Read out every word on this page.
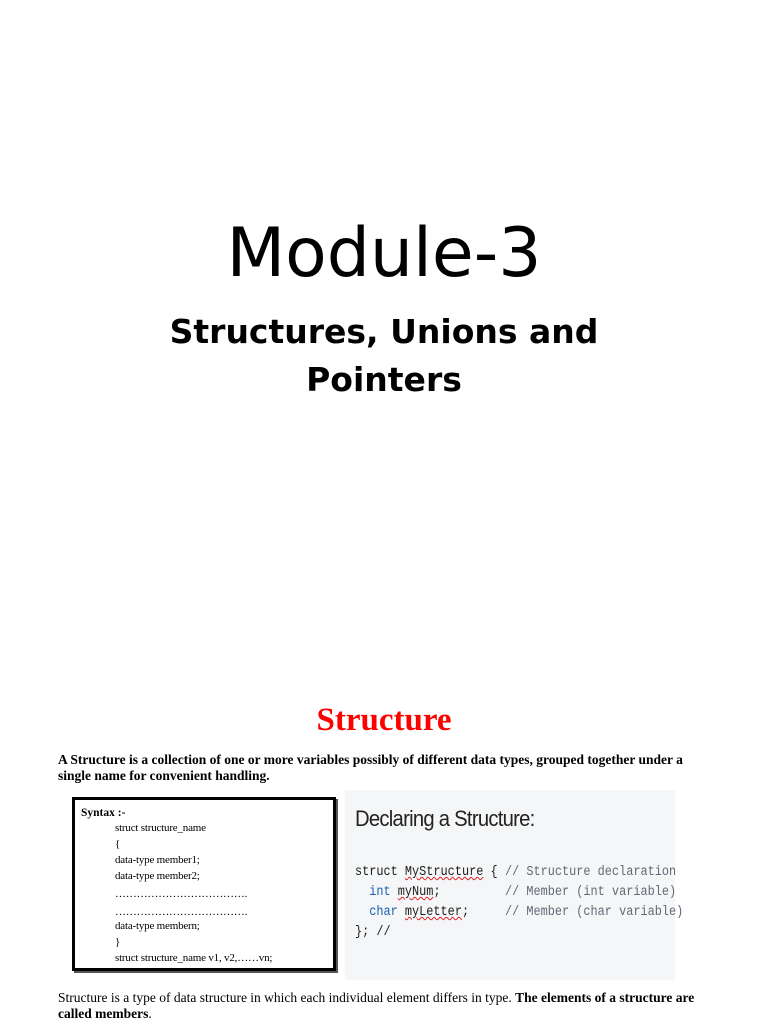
Module-3
Structures, Unions and
Pointers
Structure
A Structure is a collection of one or more variables possibly of different data types, grouped together under a single name for convenient handling.
Syntax :-
struct structure_name
{
data-type member1;
data-type member2;
……………………………….
……………………………….
data-type membern;
}
struct structure_name v1, v2,……vn;
Declaring a Structure:
struct MyStructure { // Structure declaration
int myNum;	// Member (int variable)
char myLetter;	// Member (char variable)
}; //
Structure is a type of data structure in which each individual element differs in type. The elements of a structure are called members.
